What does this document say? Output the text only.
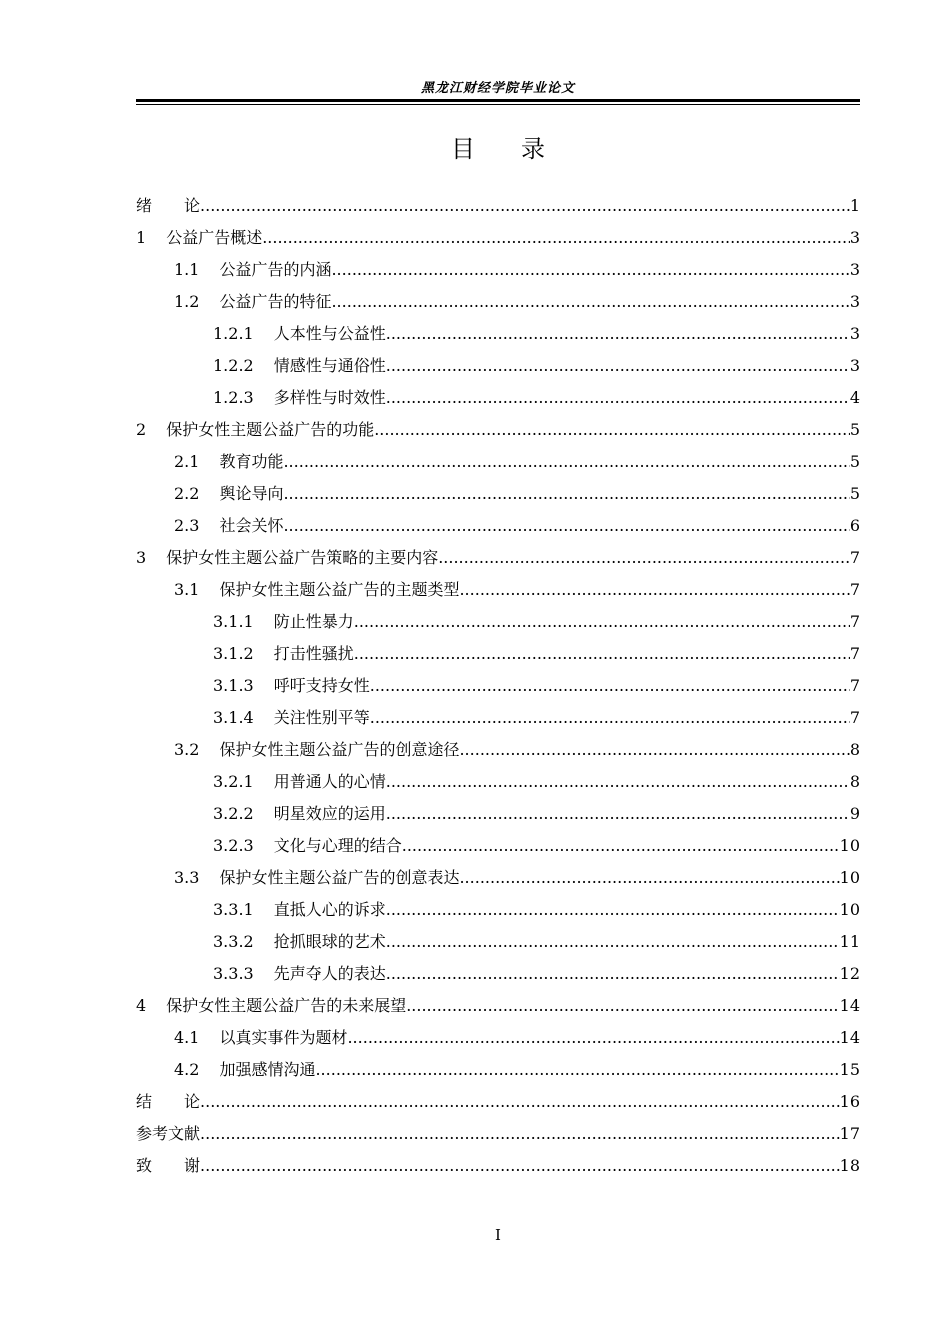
黑龙江财经学院毕业论文
目 录
绪　　论 .....	1
1 公益广告概述 .....	3
1.1 公益广告的内涵 .....	3
1.2 公益广告的特征 .....	3
1.2.1 人本性与公益性 .....	3
1.2.2 情感性与通俗性 .....	3
1.2.3 多样性与时效性 .....	4
2 保护女性主题公益广告的功能 .....	5
2.1 教育功能 .....	5
2.2 舆论导向 .....	5
2.3 社会关怀 .....	6
3 保护女性主题公益广告策略的主要内容 .....	7
3.1 保护女性主题公益广告的主题类型 .....	7
3.1.1 防止性暴力 .....	7
3.1.2 打击性骚扰 .....	7
3.1.3 呼吁支持女性 .....	7
3.1.4 关注性别平等 .....	7
3.2 保护女性主题公益广告的创意途径 .....	8
3.2.1 用普通人的心情 .....	8
3.2.2 明星效应的运用 .....	9
3.2.3 文化与心理的结合 .....	10
3.3 保护女性主题公益广告的创意表达 .....	10
3.3.1 直抵人心的诉求 .....	10
3.3.2 抢抓眼球的艺术 .....	11
3.3.3 先声夺人的表达 .....	12
4 保护女性主题公益广告的未来展望 .....	14
4.1 以真实事件为题材 .....	14
4.2 加强感情沟通 .....	15
结　　论 .....	16
参考文献 .....	17
致　　谢 .....	18
I
